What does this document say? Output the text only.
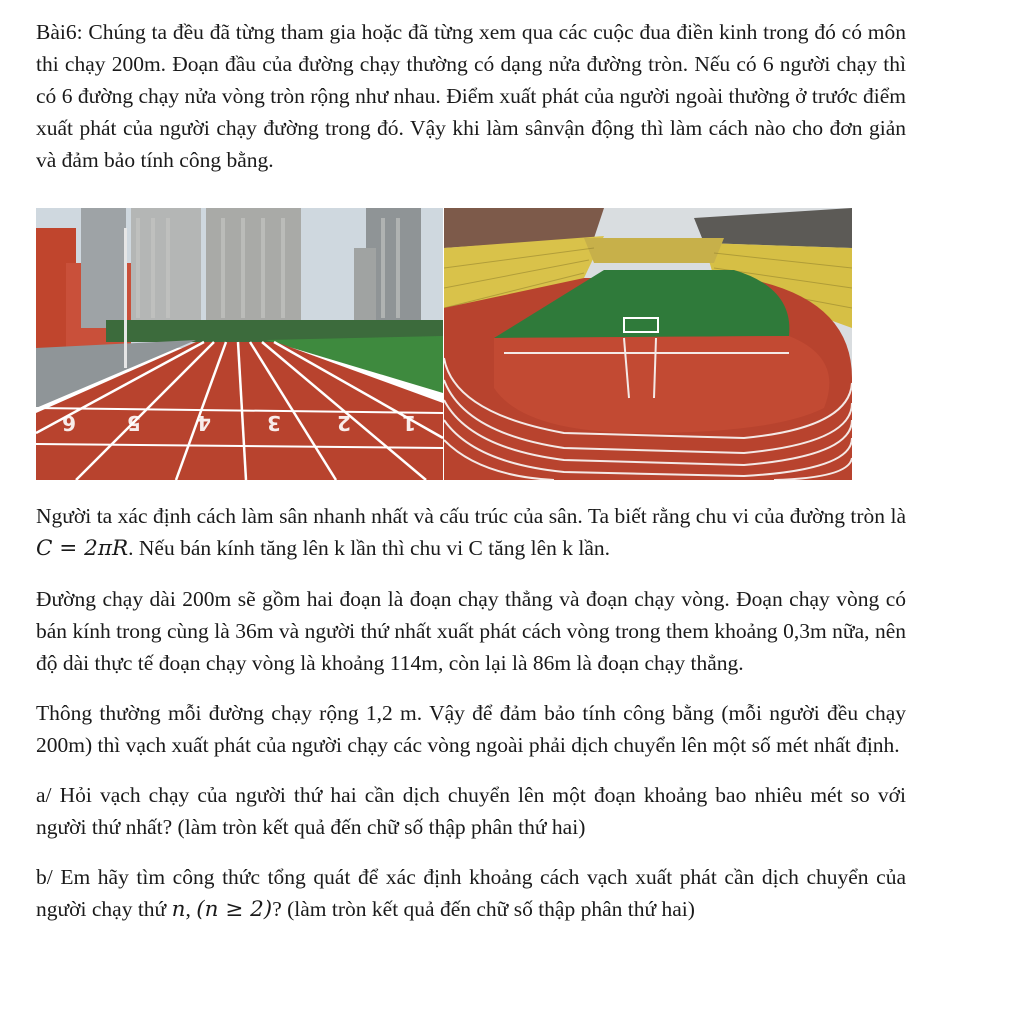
Bài6: Chúng ta đều đã từng tham gia hoặc đã từng xem qua các cuộc đua điền kinh trong đó có môn thi chạy 200m. Đoạn đầu của đường chạy thường có dạng nửa đường tròn. Nếu có 6 người chạy thì có 6 đường chạy nửa vòng tròn rộng như nhau. Điểm xuất phát của người ngoài thường ở trước điểm xuất phát của người chạy đường trong đó. Vậy khi làm sânvận động thì làm cách nào cho đơn giản và đảm bảo tính công bằng.

6	5	4	3	2	1

Người ta xác định cách làm sân nhanh nhất và cấu trúc của sân. Ta biết rằng chu vi của đường tròn là C = 2πR. Nếu bán kính tăng lên k lần thì chu vi C tăng lên k lần.

Đường chạy dài 200m sẽ gồm hai đoạn là đoạn chạy thẳng và đoạn chạy vòng. Đoạn chạy vòng có bán kính trong cùng là 36m và người thứ nhất xuất phát cách vòng trong them khoảng 0,3m nữa, nên độ dài thực tế đoạn chạy vòng là khoảng 114m, còn lại là 86m là đoạn chạy thẳng.

Thông thường mỗi đường chạy rộng 1,2 m. Vậy để đảm bảo tính công bằng (mỗi người đều chạy 200m) thì vạch xuất phát của người chạy các vòng ngoài phải dịch chuyển lên một số mét nhất định.

a/ Hỏi vạch chạy của người thứ hai cần dịch chuyển lên một đoạn khoảng bao nhiêu mét so với người thứ nhất? (làm tròn kết quả đến chữ số thập phân thứ hai)

b/ Em hãy tìm công thức tổng quát để xác định khoảng cách vạch xuất phát cần dịch chuyển của người chạy thứ n, (n ≥ 2)? (làm tròn kết quả đến chữ số thập phân thứ hai)
